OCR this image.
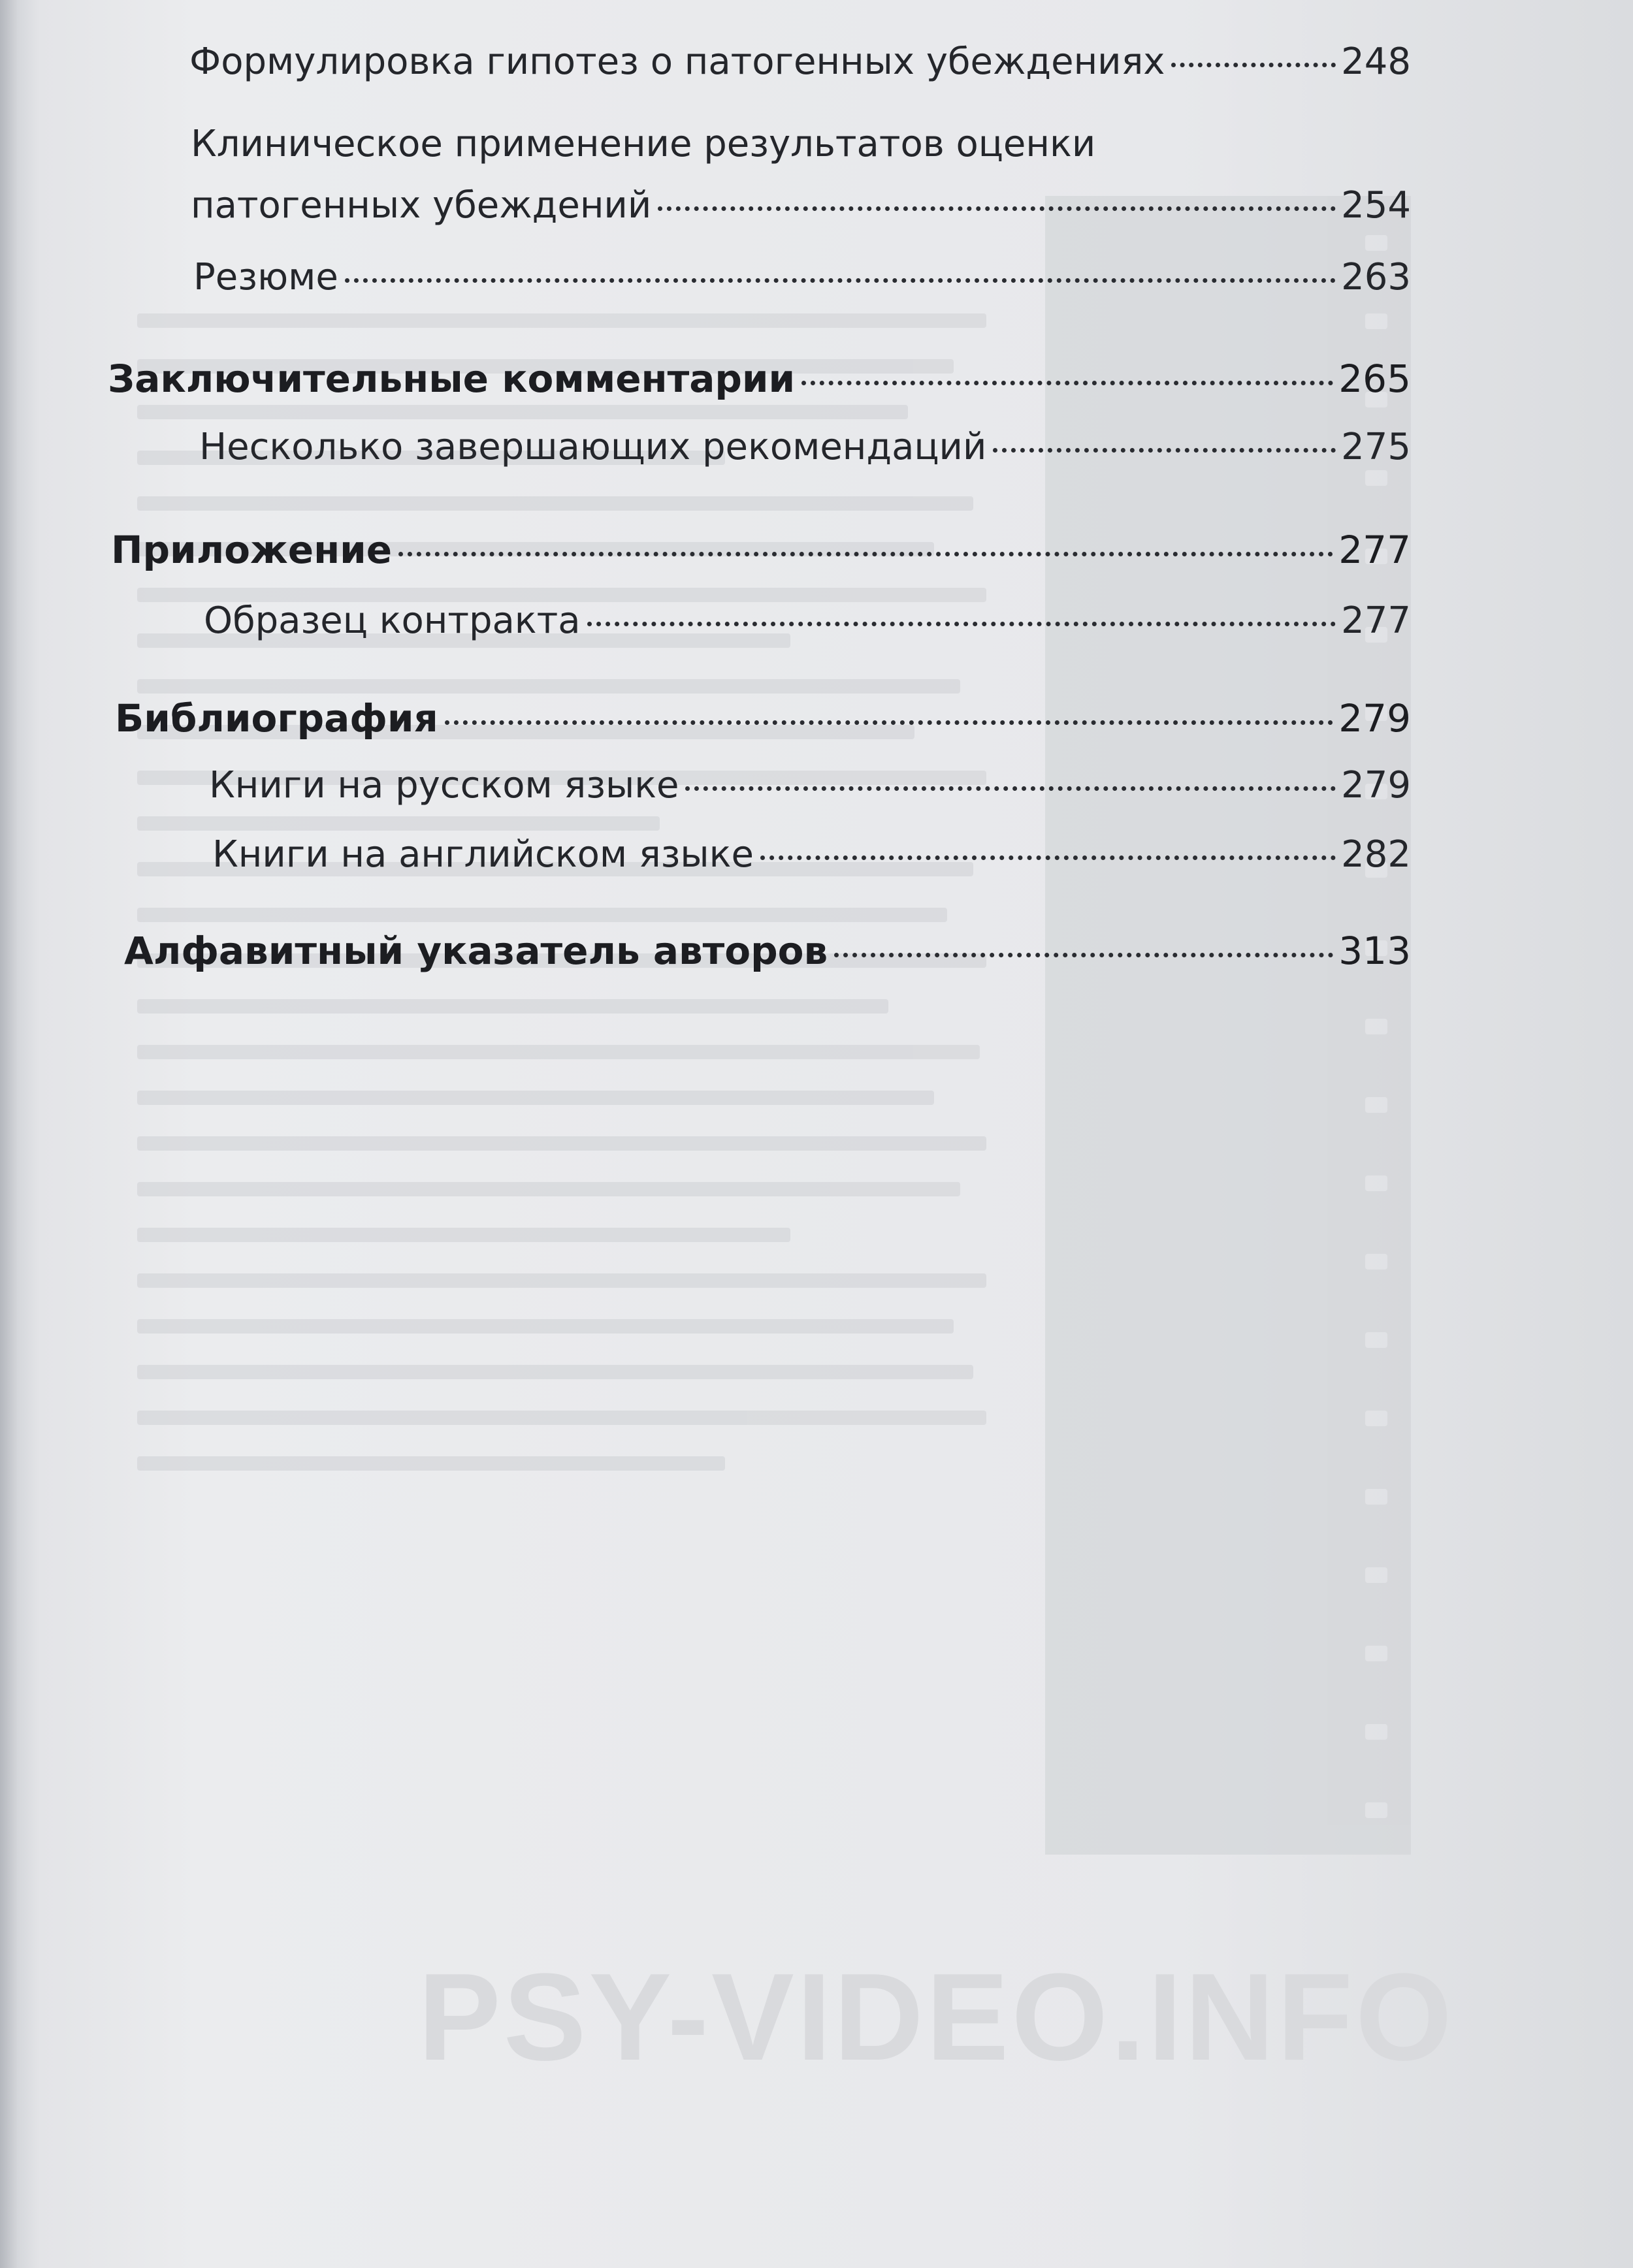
PSY-VIDEO.INFO
Формулировка гипотез о патогенных убеждениях	248
Клиническое применение результатов оценки
патогенных убеждений	254
Резюме	263
Заключительные комментарии	265
Несколько завершающих рекомендаций	275
Приложение	277
Образец контракта	277
Библиография	279
Книги на русском языке	279
Книги на английском языке	282
Алфавитный указатель авторов	313
